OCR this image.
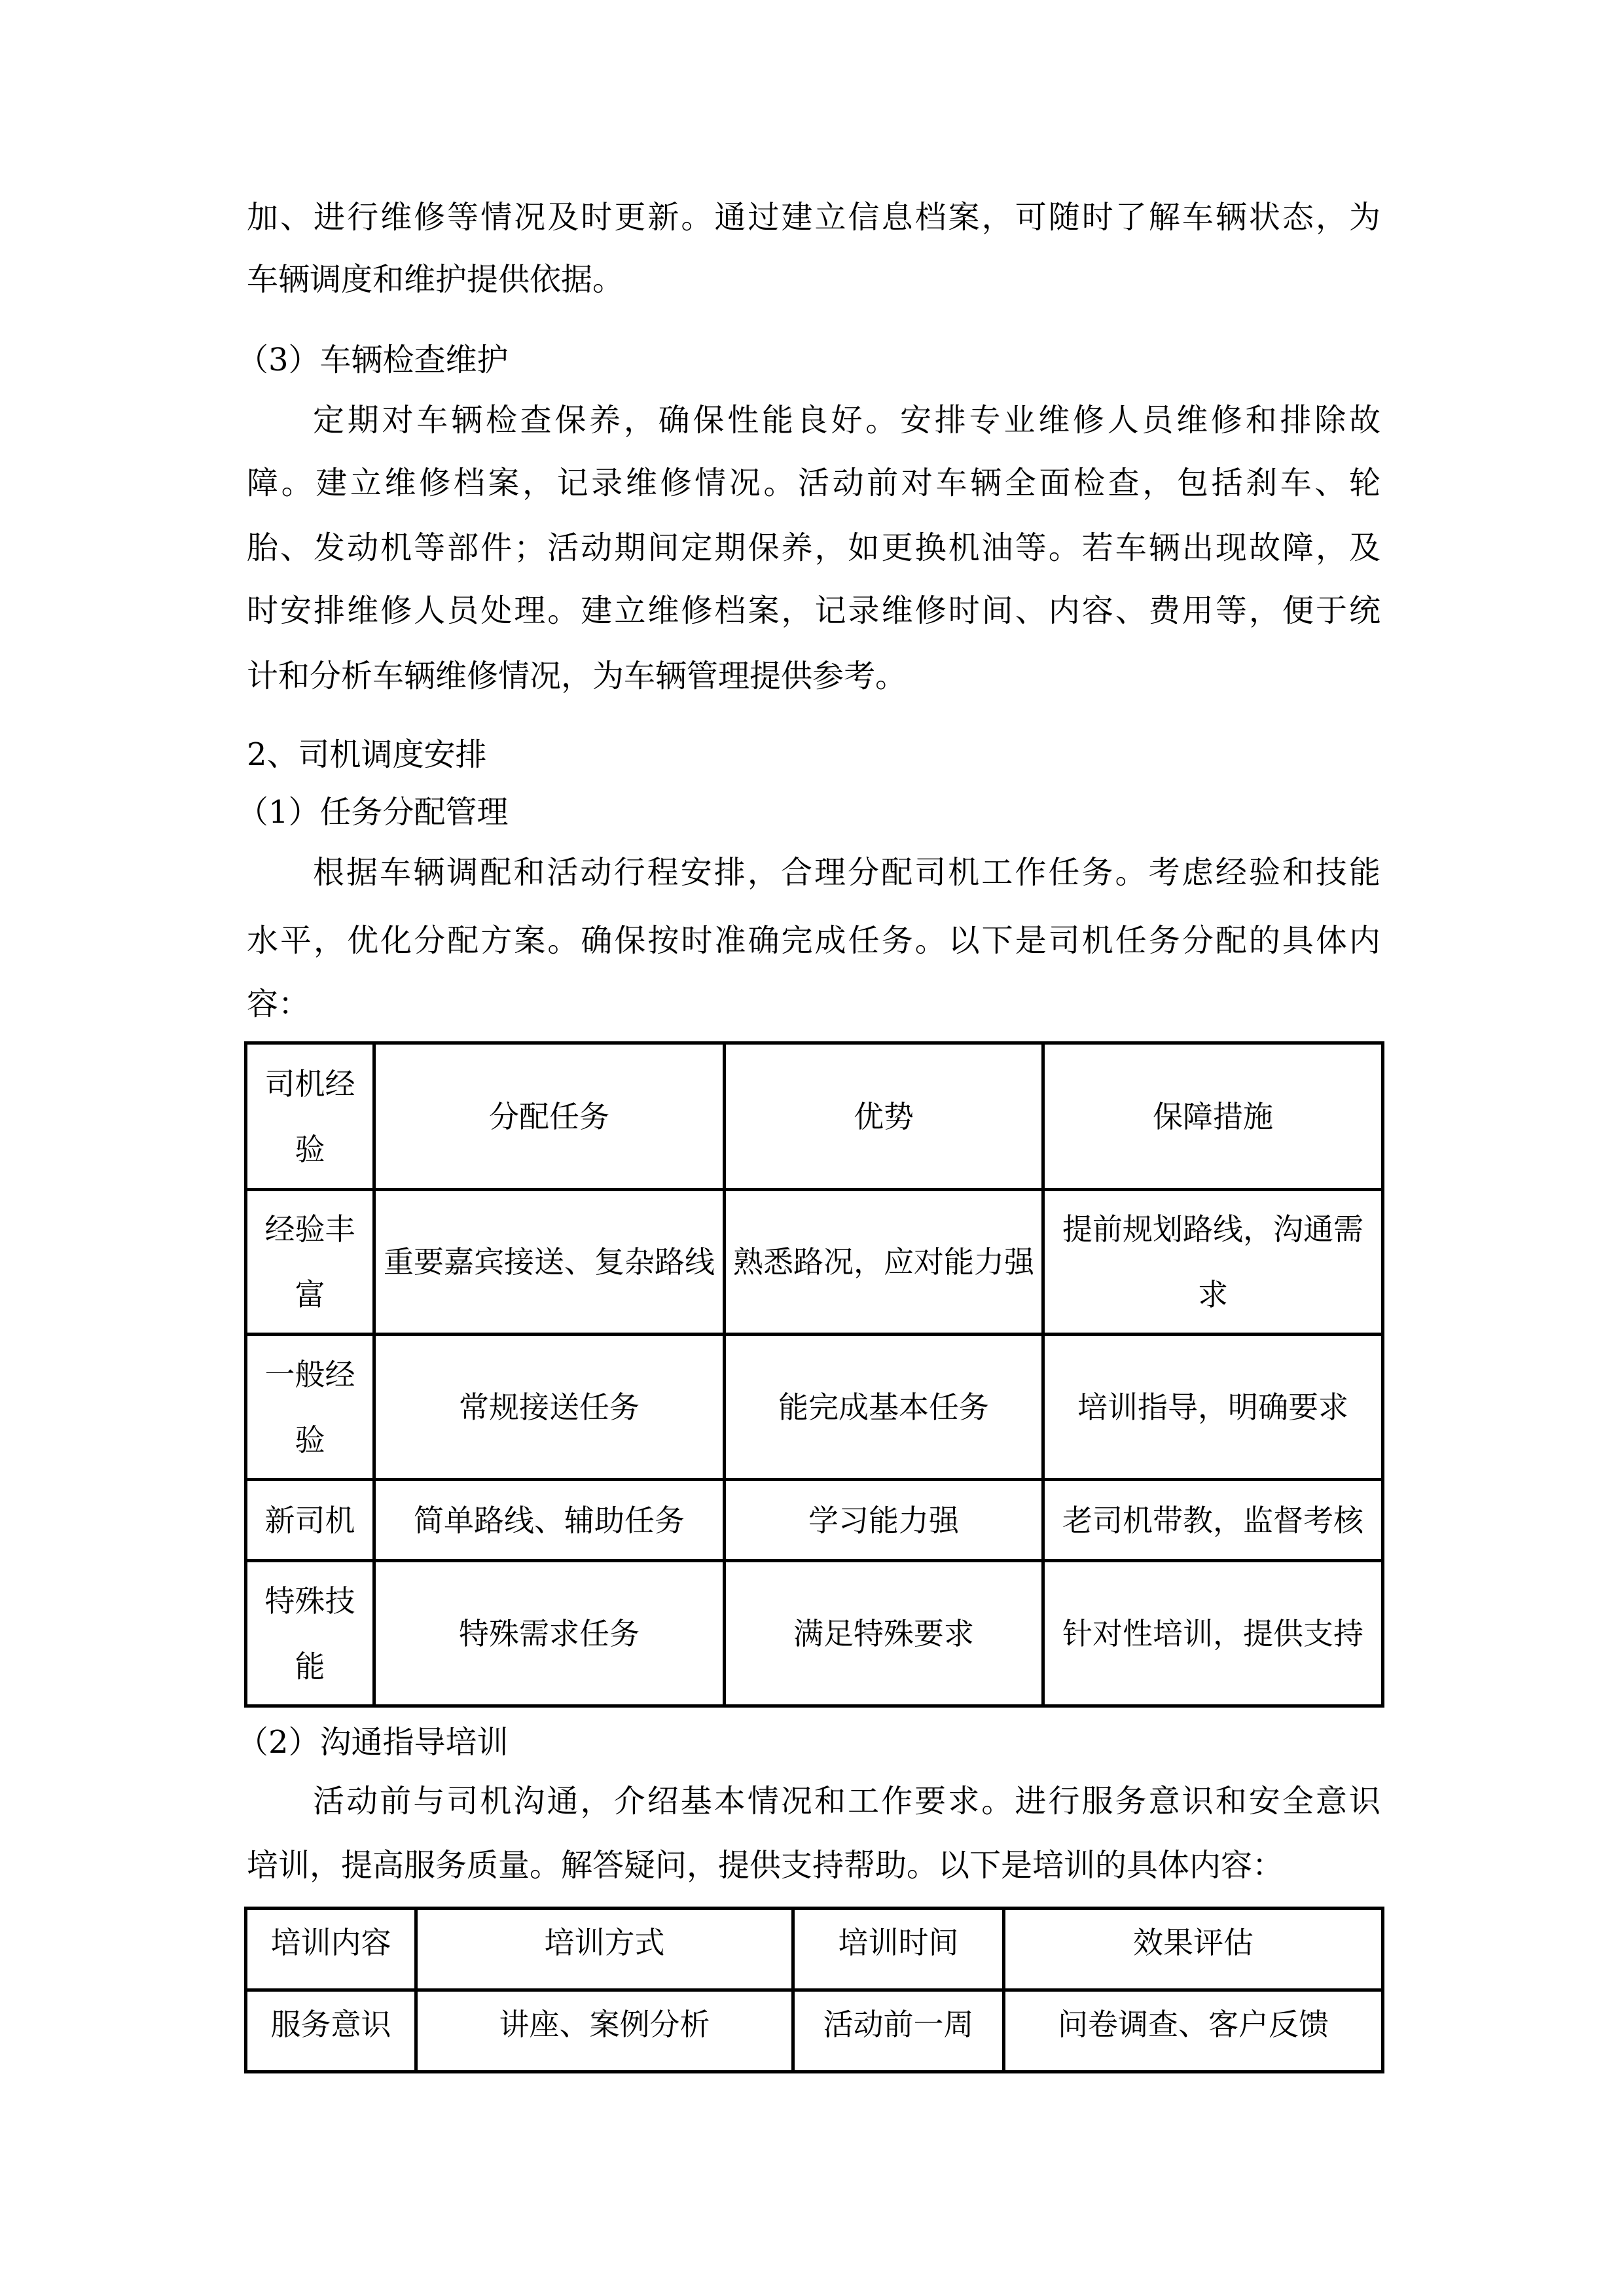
加、进行维修等情况及时更新。通过建立信息档案，可随时了解车辆状态，为
车辆调度和维护提供依据。
（3）车辆检查维护
定期对车辆检查保养，确保性能良好。安排专业维修人员维修和排除故
障。建立维修档案，记录维修情况。活动前对车辆全面检查，包括刹车、轮
胎、发动机等部件；活动期间定期保养，如更换机油等。若车辆出现故障，及
时安排维修人员处理。建立维修档案，记录维修时间、内容、费用等，便于统
计和分析车辆维修情况，为车辆管理提供参考。
2、司机调度安排
（1）任务分配管理
根据车辆调配和活动行程安排，合理分配司机工作任务。考虑经验和技能
水平，优化分配方案。确保按时准确完成任务。以下是司机任务分配的具体内
容：
司机经验	分配任务	优势	保障措施
经验丰富	重要嘉宾接送、复杂路线	熟悉路况，应对能力强	提前规划路线，沟通需求
一般经验	常规接送任务	能完成基本任务	培训指导，明确要求
新司机	简单路线、辅助任务	学习能力强	老司机带教，监督考核
特殊技能	特殊需求任务	满足特殊要求	针对性培训，提供支持
（2）沟通指导培训
活动前与司机沟通，介绍基本情况和工作要求。进行服务意识和安全意识
培训，提高服务质量。解答疑问，提供支持帮助。以下是培训的具体内容：
培训内容	培训方式	培训时间	效果评估
服务意识	讲座、案例分析	活动前一周	问卷调查、客户反馈
